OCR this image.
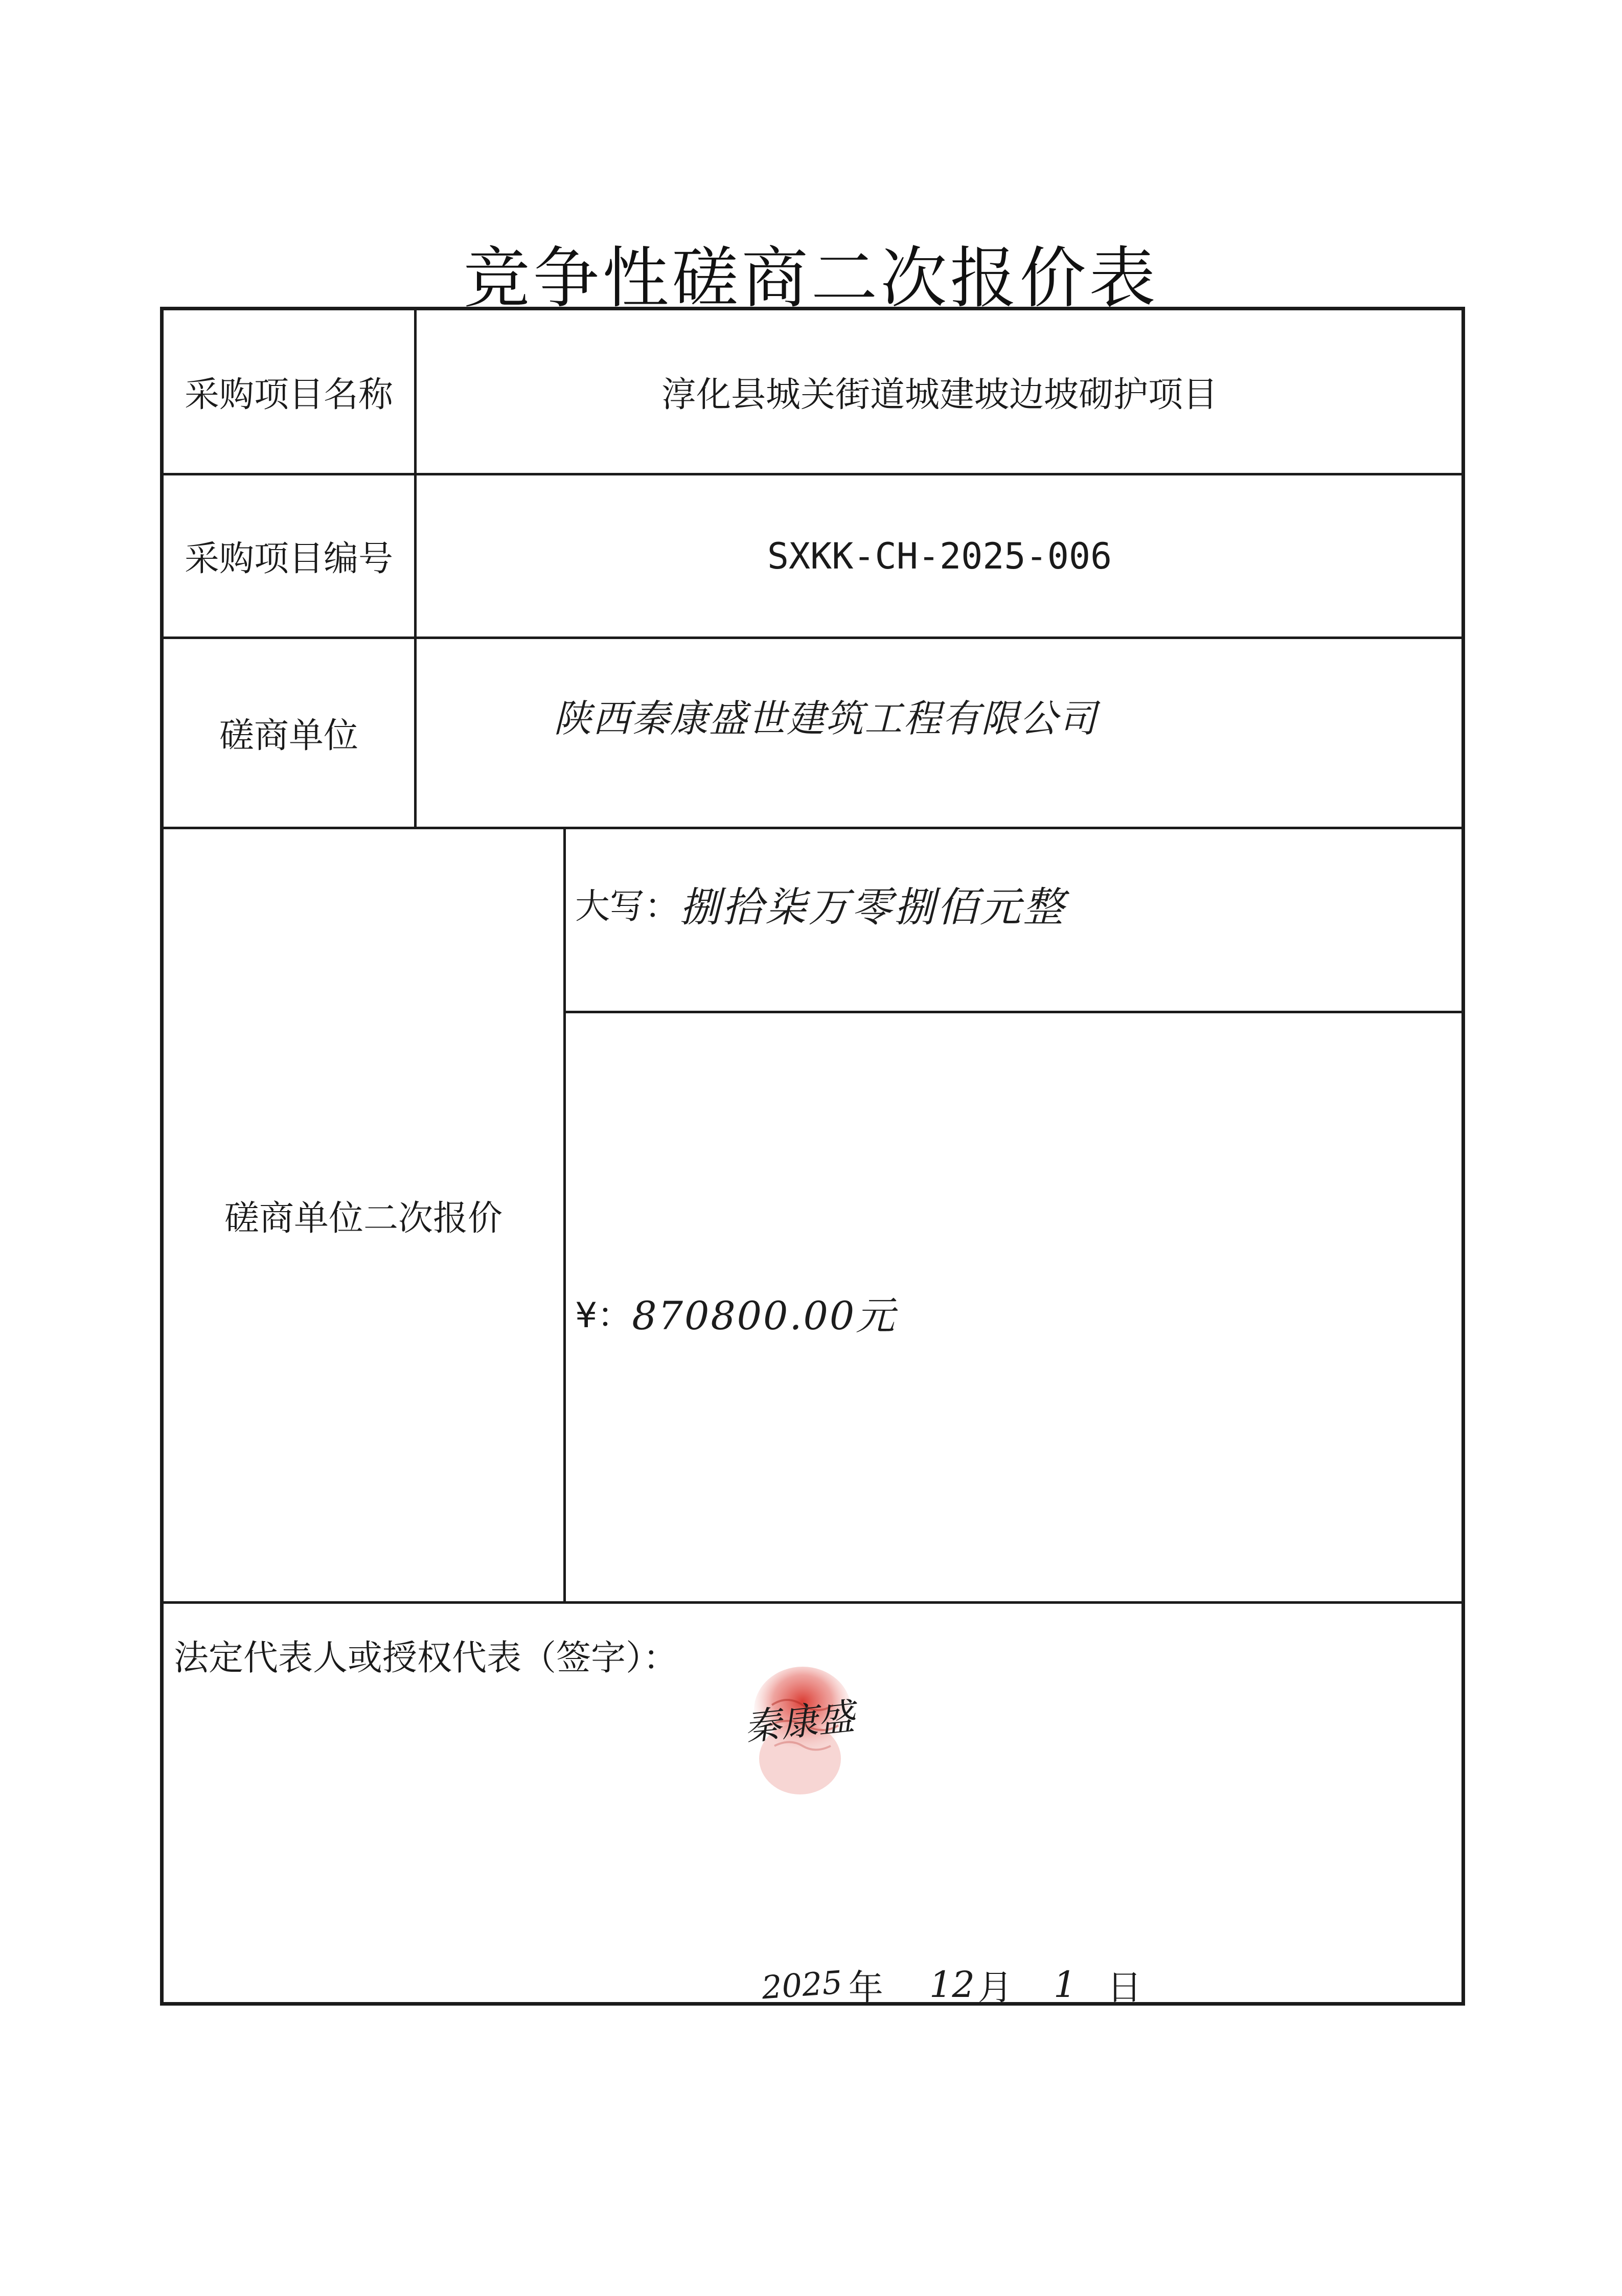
竞争性磋商二次报价表
采购项目名称	淳化县城关街道城建坡边坡砌护项目
采购项目编号	SXKK-CH-2025-006
磋商单位	陕西秦康盛世建筑工程有限公司
磋商单位二次报价
大写： 捌拾柒万零捌佰元整
¥： 870800.00元
法定代表人或授权代表（签字）：
2025 年 12 月 1 日
秦康盛
